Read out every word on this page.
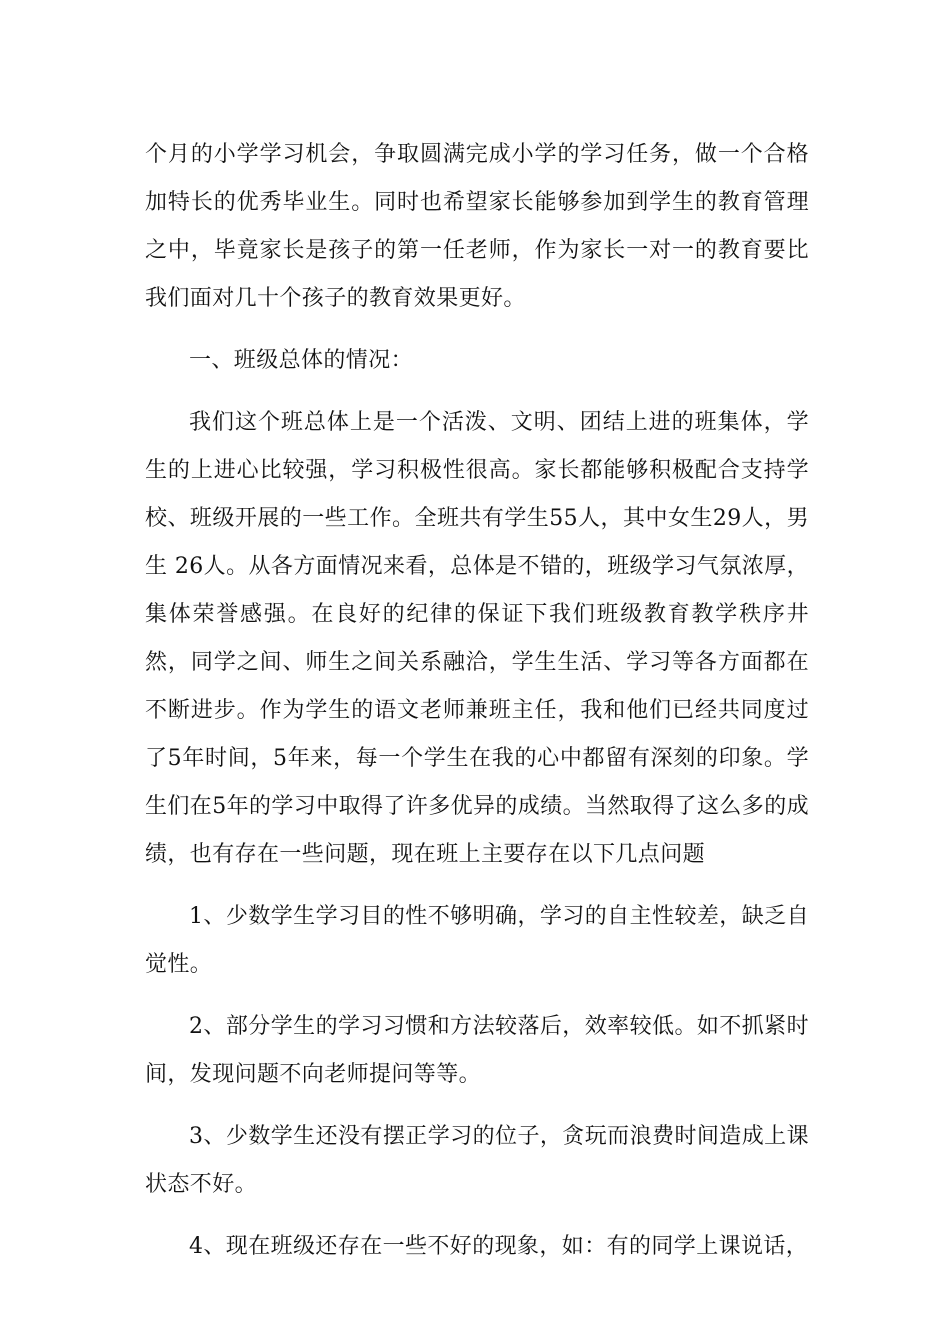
个月的小学学习机会，争取圆满完成小学的学习任务，做一个合格加特长的优秀毕业生。同时也希望家长能够参加到学生的教育管理之中，毕竟家长是孩子的第一任老师，作为家长一对一的教育要比我们面对几十个孩子的教育效果更好。

一、班级总体的情况：

我们这个班总体上是一个活泼、文明、团结上进的班集体，学生的上进心比较强，学习积极性很高。家长都能够积极配合支持学校、班级开展的一些工作。全班共有学生55人，其中女生29人，男生 26人。从各方面情况来看，总体是不错的，班级学习气氛浓厚，集体荣誉感强。在良好的纪律的保证下我们班级教育教学秩序井然，同学之间、师生之间关系融洽，学生生活、学习等各方面都在不断进步。作为学生的语文老师兼班主任，我和他们已经共同度过了5年时间，5年来，每一个学生在我的心中都留有深刻的印象。学生们在5年的学习中取得了许多优异的成绩。当然取得了这么多的成绩，也有存在一些问题，现在班上主要存在以下几点问题

1、少数学生学习目的性不够明确，学习的自主性较差，缺乏自觉性。

2、部分学生的学习习惯和方法较落后，效率较低。如不抓紧时间，发现问题不向老师提问等等。

3、少数学生还没有摆正学习的位子，贪玩而浪费时间造成上课状态不好。

4、现在班级还存在一些不好的现象，如：有的同学上课说话，
